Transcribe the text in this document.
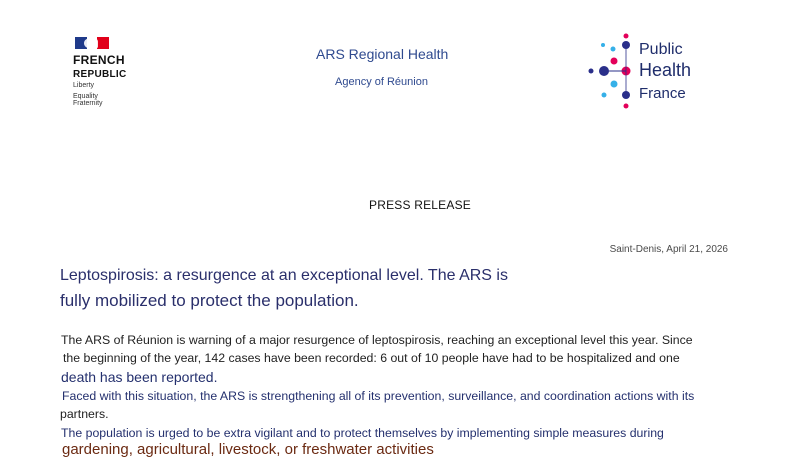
FRENCH
REPUBLIC
Liberty
Equality
Fraternity
ARS Regional Health
Agency of Réunion
Public
Health
France
PRESS RELEASE
Saint-Denis, April 21, 2026
Leptospirosis: a resurgence at an exceptional level. The ARS is
fully mobilized to protect the population.
The ARS of Réunion is warning of a major resurgence of leptospirosis, reaching an exceptional level this year. Since
the beginning of the year, 142 cases have been recorded: 6 out of 10 people have had to be hospitalized and one
death has been reported.
Faced with this situation, the ARS is strengthening all of its prevention, surveillance, and coordination actions with its
partners.
The population is urged to be extra vigilant and to protect themselves by implementing simple measures during
gardening, agricultural, livestock, or freshwater activities
